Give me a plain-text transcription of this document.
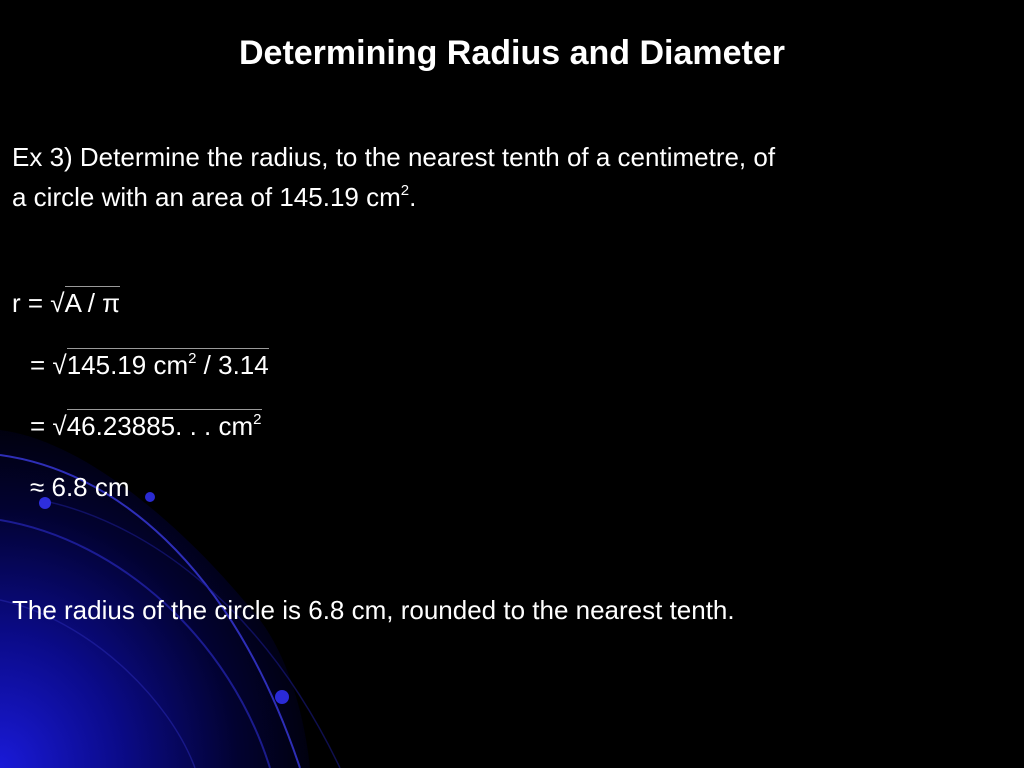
Determining Radius and Diameter
Ex 3) Determine the radius, to the nearest tenth of a centimetre, of
a circle with an area of 145.19 $cm^2$.
r = √A / π
= √145.19 $cm^2 / 3.14$
= √46.23885. . . $cm^2$
≈ 6.8 cm
The radius of the circle is 6.8 cm, rounded to the nearest tenth.
